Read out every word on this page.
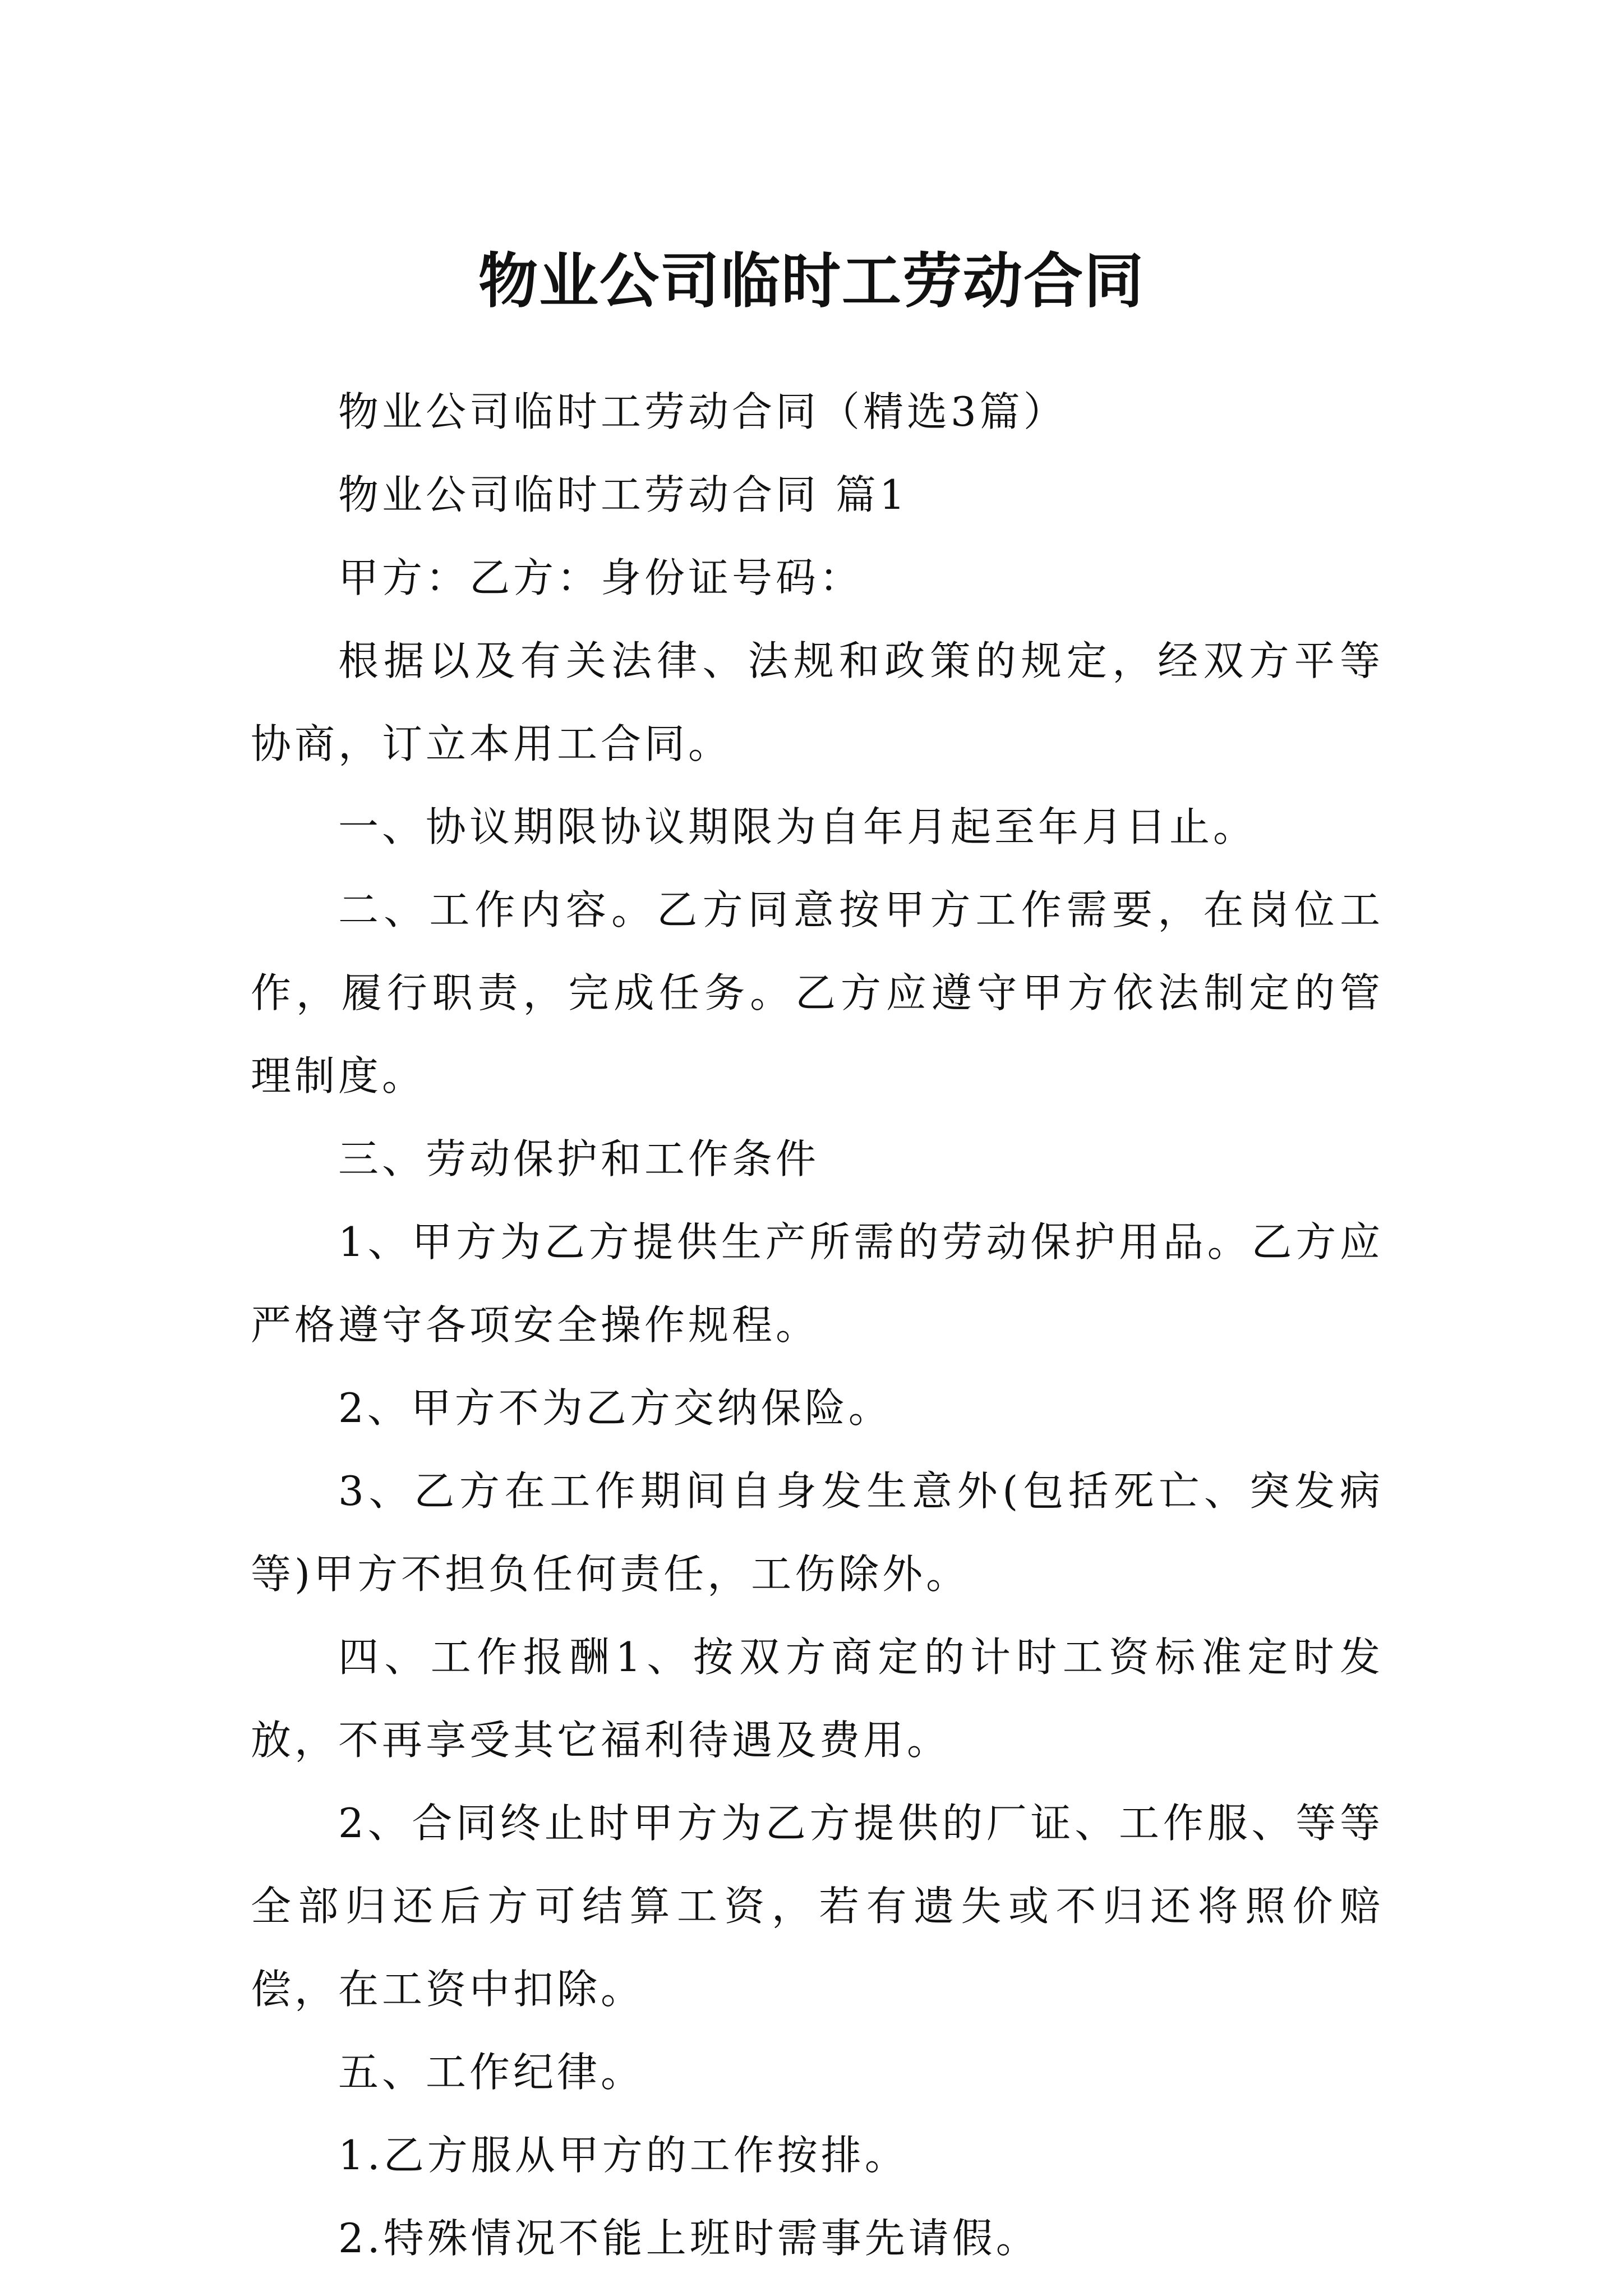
物业公司临时工劳动合同

物业公司临时工劳动合同（精选3篇）

物业公司临时工劳动合同 篇1

甲方：乙方：身份证号码：

根据以及有关法律、法规和政策的规定，经双方平等协商，订立本用工合同。

一、协议期限协议期限为自年月起至年月日止。

二、工作内容。乙方同意按甲方工作需要，在岗位工作，履行职责，完成任务。乙方应遵守甲方依法制定的管理制度。

三、劳动保护和工作条件

1、甲方为乙方提供生产所需的劳动保护用品。乙方应严格遵守各项安全操作规程。

2、甲方不为乙方交纳保险。

3、乙方在工作期间自身发生意外(包括死亡、突发病等)甲方不担负任何责任，工伤除外。

四、工作报酬1、按双方商定的计时工资标准定时发放，不再享受其它福利待遇及费用。

2、合同终止时甲方为乙方提供的厂证、工作服、等等全部归还后方可结算工资，若有遗失或不归还将照价赔偿，在工资中扣除。

五、工作纪律。

1.乙方服从甲方的工作按排。

2.特殊情况不能上班时需事先请假。
